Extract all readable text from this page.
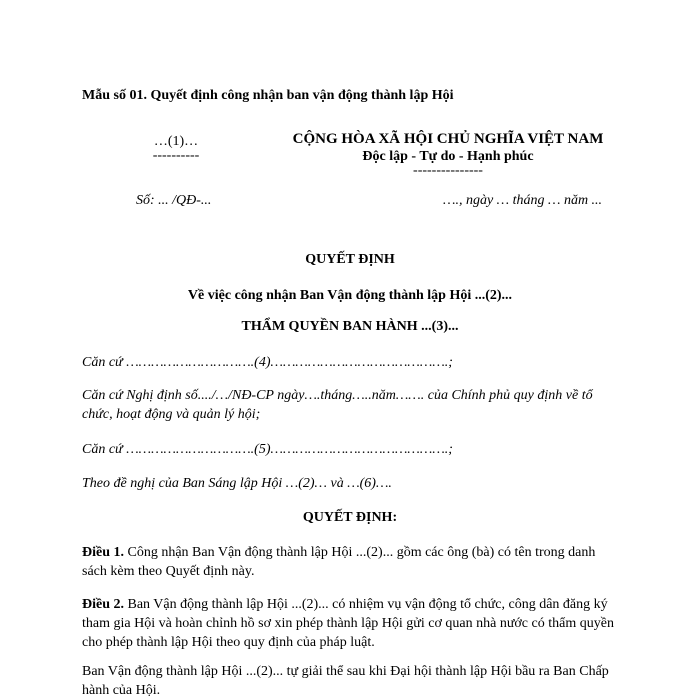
Mẫu số 01. Quyết định công nhận ban vận động thành lập Hội
…(1)…
----------
CỘNG HÒA XÃ HỘI CHỦ NGHĨA VIỆT NAM
Độc lập - Tự do - Hạnh phúc
---------------
Số: ... /QĐ-...	…., ngày … tháng … năm ...
QUYẾT ĐỊNH
Về việc công nhận Ban Vận động thành lập Hội ...(2)...
THẨM QUYỀN BAN HÀNH ...(3)...
Căn cứ ………………………….(4)…………………………………….;
Căn cứ Nghị định số..../…/NĐ-CP ngày….tháng…..năm……. của Chính phủ quy định về tổ chức, hoạt động và quản lý hội;
Căn cứ ………………………….(5)…………………………………….;
Theo đề nghị của Ban Sáng lập Hội …(2)… và …(6)….
QUYẾT ĐỊNH:
Điều 1. Công nhận Ban Vận động thành lập Hội ...(2)... gồm các ông (bà) có tên trong danh sách kèm theo Quyết định này.
Điều 2. Ban Vận động thành lập Hội ...(2)... có nhiệm vụ vận động tổ chức, công dân đăng ký tham gia Hội và hoàn chỉnh hồ sơ xin phép thành lập Hội gửi cơ quan nhà nước có thẩm quyền cho phép thành lập Hội theo quy định của pháp luật.
Ban Vận động thành lập Hội ...(2)... tự giải thể sau khi Đại hội thành lập Hội bầu ra Ban Chấp hành của Hội.
